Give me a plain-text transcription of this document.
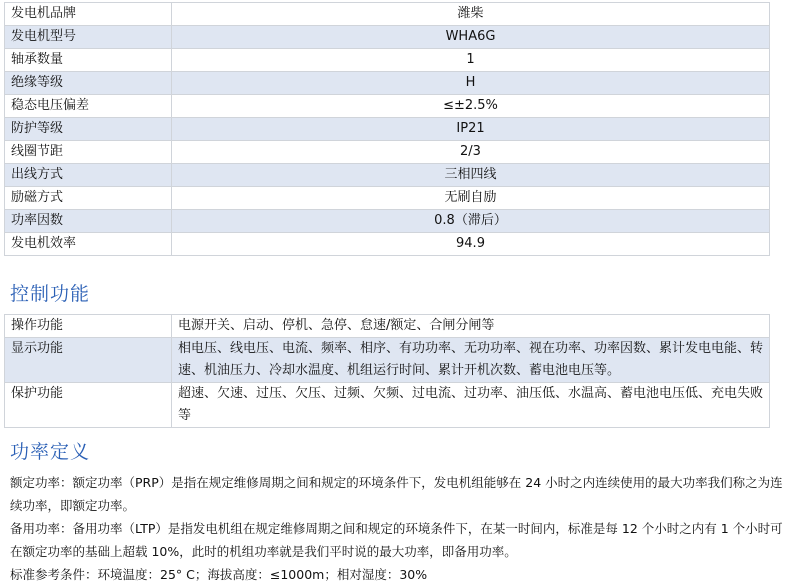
发电机品牌	潍柴
发电机型号	WHA6G
轴承数量	1
绝缘等级	H
稳态电压偏差	≤±2.5%
防护等级	IP21
线圈节距	2/3
出线方式	三相四线
励磁方式	无刷自励
功率因数	0.8（滞后）
发电机效率	94.9
控制功能
操作功能	电源开关、启动、停机、急停、怠速/额定、合闸分闸等
显示功能	相电压、线电压、电流、频率、相序、有功功率、无功功率、视在功率、功率因数、累计发电电能、转速、机油压力、冷却水温度、机组运行时间、累计开机次数、蓄电池电压等。
保护功能	超速、欠速、过压、欠压、过频、欠频、过电流、过功率、油压低、水温高、蓄电池电压低、充电失败等
功率定义

额定功率：额定功率（PRP）是指在规定维修周期之间和规定的环境条件下，发电机组能够在 24 小时之内连续使用的最大功率我们称之为连续功率，即额定功率。

备用功率：备用功率（LTP）是指发电机组在规定维修周期之间和规定的环境条件下，在某一时间内，标准是每 12 个小时之内有 1 个小时可在额定功率的基础上超载 10%，此时的机组功率就是我们平时说的最大功率，即备用功率。

标准参考条件：环境温度：25° C；海拔高度：≤1000m；相对湿度：30%
